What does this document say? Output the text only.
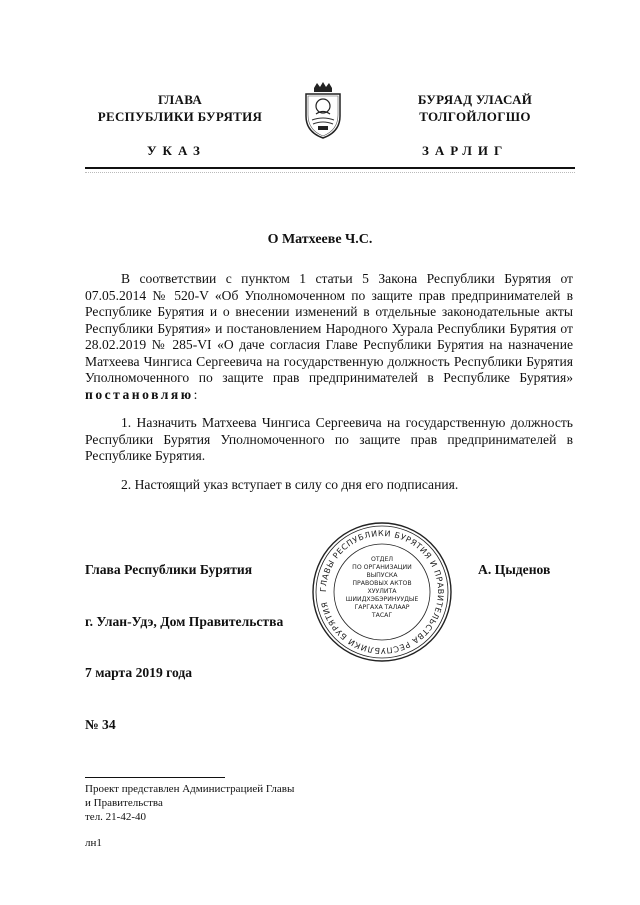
ГЛАВА
РЕСПУБЛИКИ БУРЯТИЯ
БУРЯАД УЛАСАЙ
ТОЛГОЙЛОГШО
УКАЗ	ЗАРЛИГ
О Матхееве Ч.С.

В соответствии с пунктом 1 статьи 5 Закона Республики Бурятия от 07.05.2014 № 520-V «Об Уполномоченном по защите прав предпринимателей в Республике Бурятия и о внесении изменений в отдельные законодательные акты Республики Бурятия» и постановлением Народного Хурала Республики Бурятия от 28.02.2019 № 285-VI «О даче согласия Главе Республики Бурятия на назначение Матхеева Чингиса Сергеевича на государственную должность Республики Бурятия Уполномоченного по защите прав предпринимателей в Республике Бурятия» постановляю:

1. Назначить Матхеева Чингиса Сергеевича на государственную должность Республики Бурятия Уполномоченного по защите прав предпринимателей в Республике Бурятия.

2. Настоящий указ вступает в силу со дня его подписания.

Глава Республики Бурятия	А. Цыденов
ГЛАВЫ РЕСПУБЛИКИ БУРЯТИЯ И ПРАВИТЕЛЬСТВА РЕСПУБЛИКИ БУРЯТИЯ
ОТДЕЛ
ПО ОРГАНИЗАЦИИ
ВЫПУСКА
ПРАВОВЫХ АКТОВ
ХУУЛИТА
ШИИДХЭБЭРИНУУДЫЕ
ГАРГАХА ТАЛААР
ТАСАГ
г. Улан-Удэ, Дом Правительства
7 марта 2019 года
№ 34
Проект представлен Администрацией Главы
и Правительства
тел. 21-42-40
лн1
